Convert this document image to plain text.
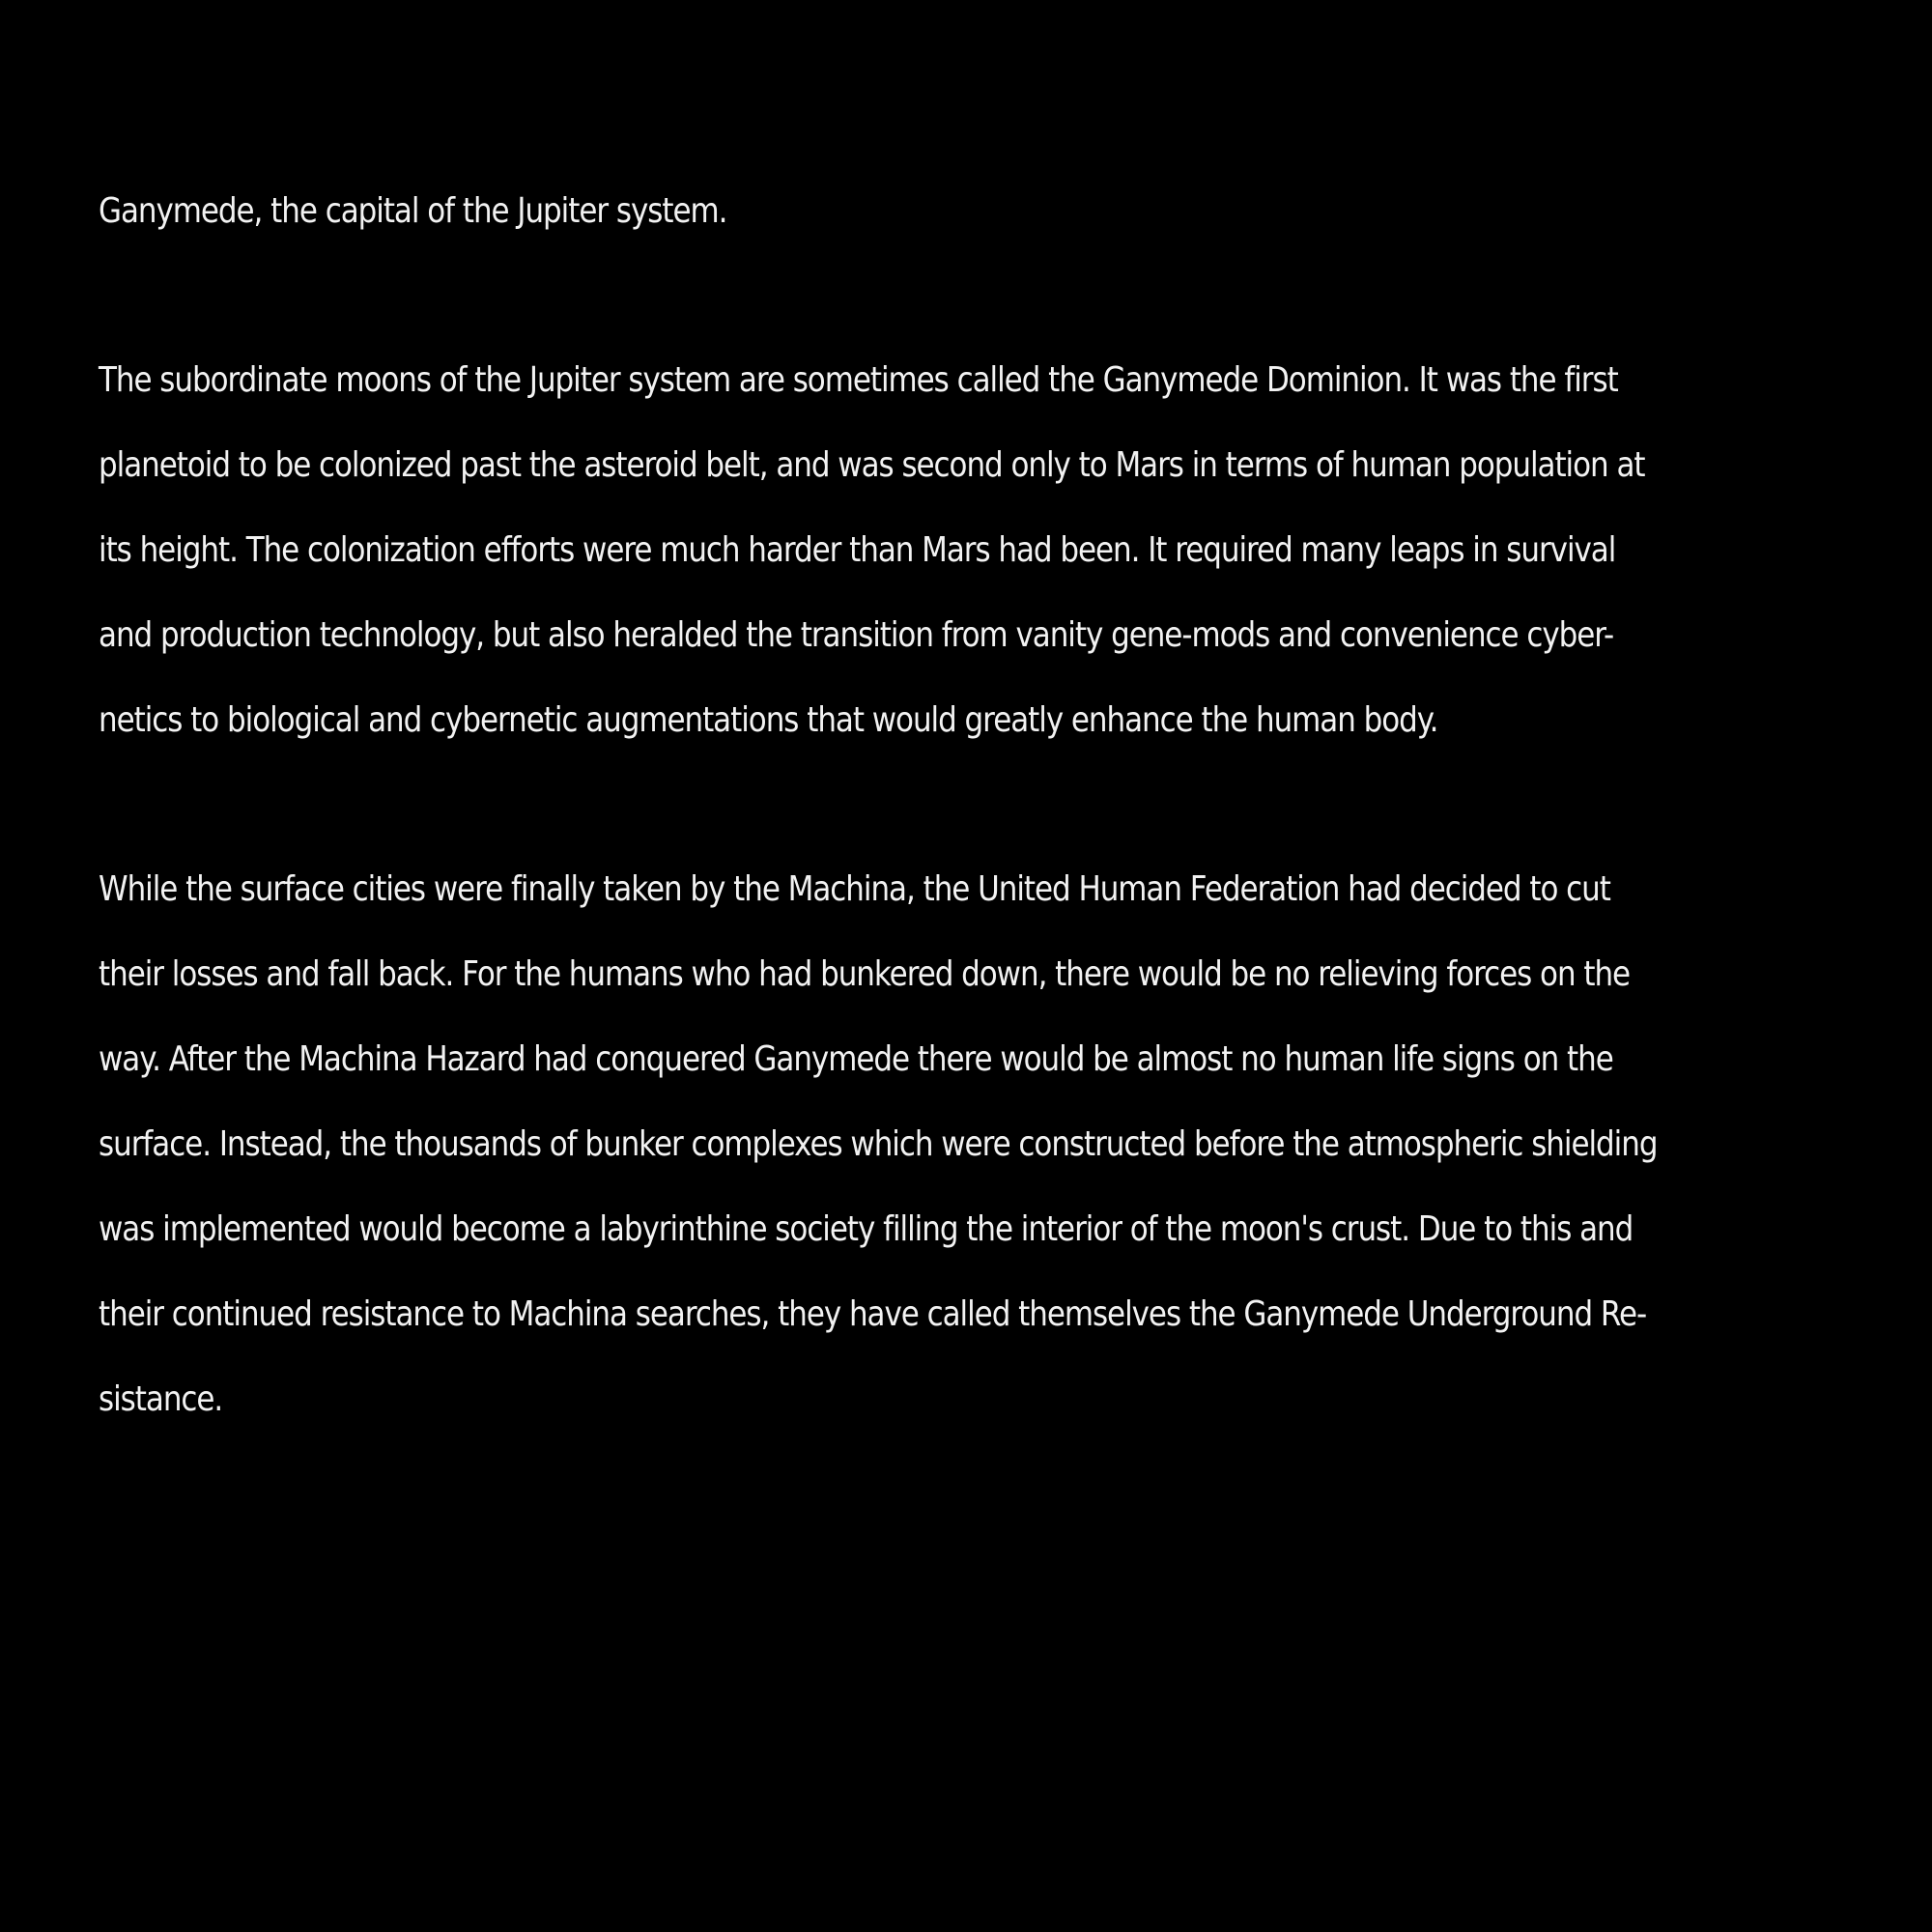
Ganymede, the capital of the Jupiter system.
The subordinate moons of the Jupiter system are sometimes called the Ganymede Dominion. It was the first
planetoid to be colonized past the asteroid belt, and was second only to Mars in terms of human population at
its height. The colonization efforts were much harder than Mars had been. It required many leaps in survival
and production technology, but also heralded the transition from vanity gene-mods and convenience cyber-
netics to biological and cybernetic augmentations that would greatly enhance the human body.
While the surface cities were finally taken by the Machina, the United Human Federation had decided to cut
their losses and fall back. For the humans who had bunkered down, there would be no relieving forces on the
way. After the Machina Hazard had conquered Ganymede there would be almost no human life signs on the
surface. Instead, the thousands of bunker complexes which were constructed before the atmospheric shielding
was implemented would become a labyrinthine society filling the interior of the moon's crust. Due to this and
their continued resistance to Machina searches, they have called themselves the Ganymede Underground Re-
sistance.
